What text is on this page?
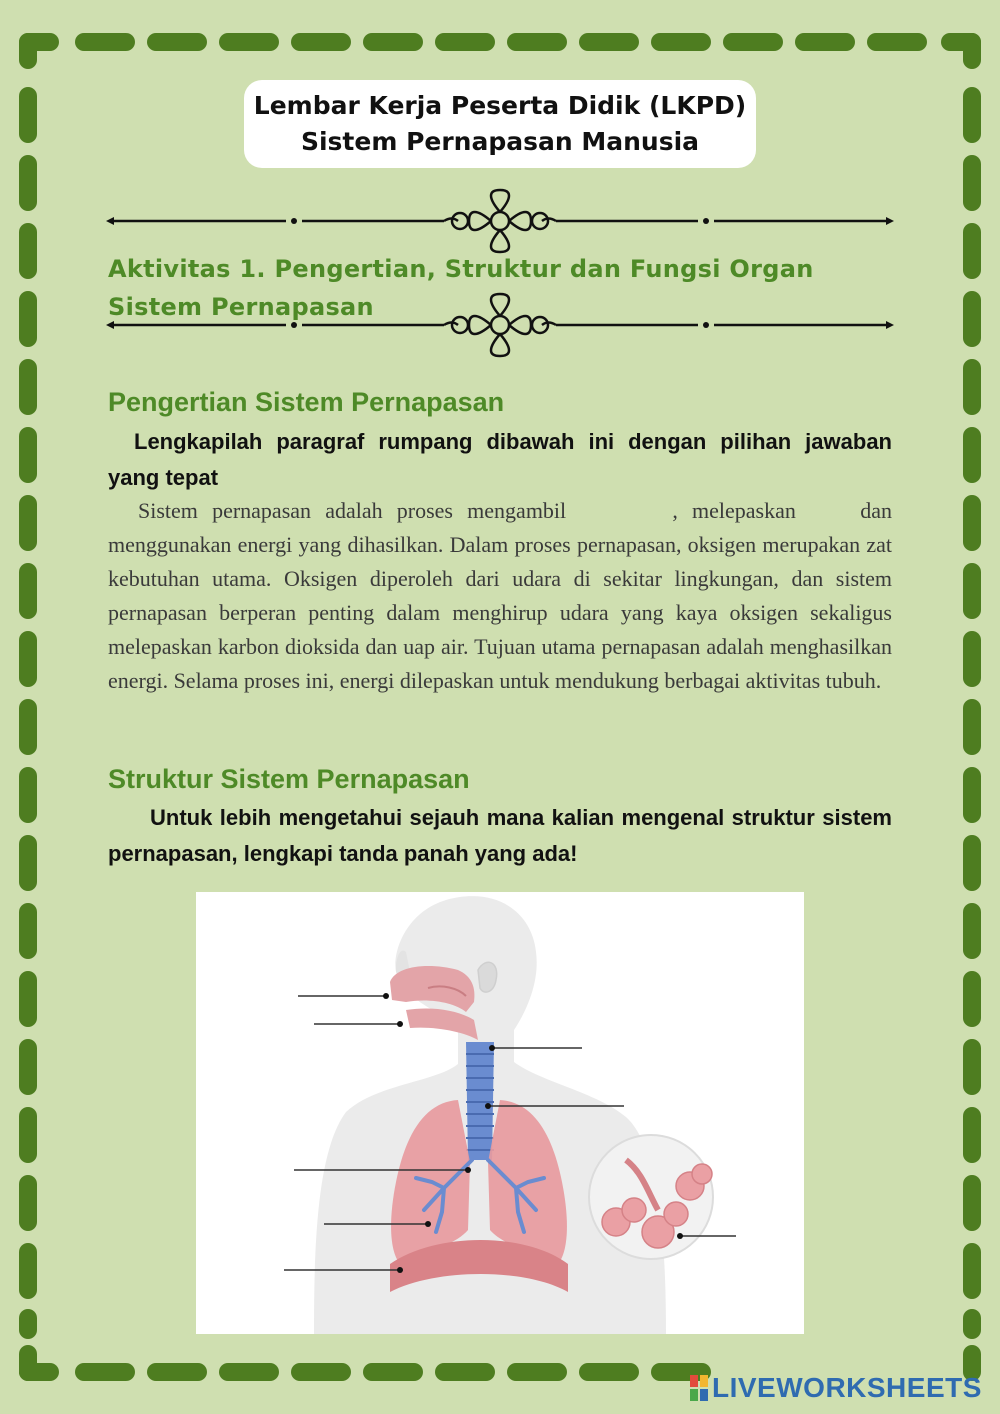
Lembar Kerja Peserta Didik (LKPD)
Sistem Pernapasan Manusia
Aktivitas 1. Pengertian, Struktur dan Fungsi Organ Sistem Pernapasan
Pengertian Sistem Pernapasan
Lengkapilah paragraf rumpang dibawah ini dengan pilihan jawaban yang tepat
Sistem pernapasan adalah proses mengambil	, melepaskan	dan menggunakan energi yang dihasilkan. Dalam proses pernapasan, oksigen merupakan zat kebutuhan utama. Oksigen diperoleh dari udara di sekitar lingkungan, dan sistem pernapasan berperan penting dalam menghirup udara yang kaya oksigen sekaligus melepaskan karbon dioksida dan uap air. Tujuan utama pernapasan adalah menghasilkan energi. Selama proses ini, energi dilepaskan untuk mendukung berbagai aktivitas tubuh.
Struktur Sistem Pernapasan
Untuk lebih mengetahui sejauh mana kalian mengenal struktur sistem pernapasan, lengkapi tanda panah yang ada!
LIVEWORKSHEETS
